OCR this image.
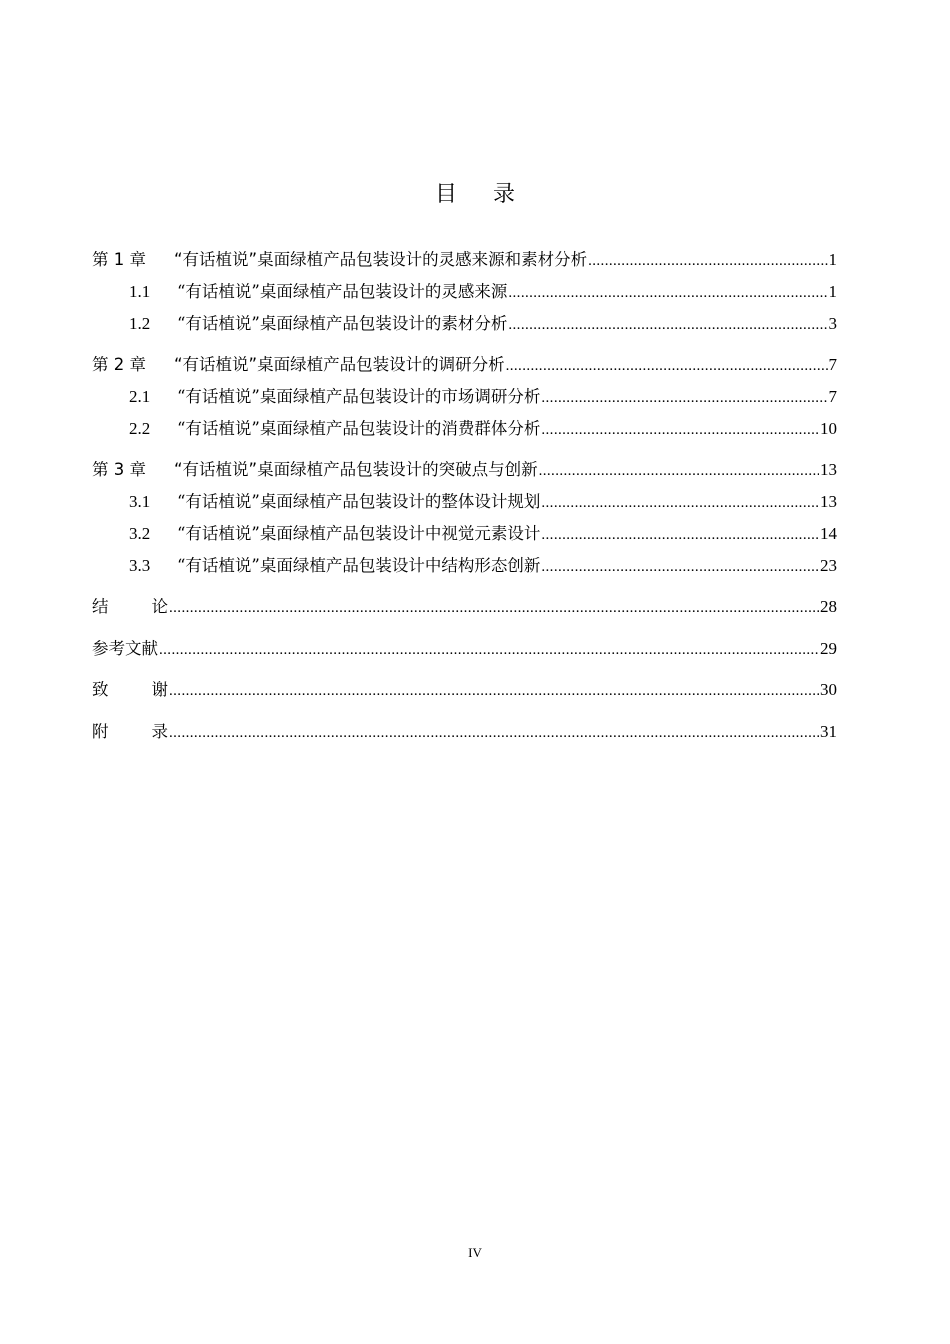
目录
第 1 章	“有话植说”桌面绿植产品包装设计的灵感来源和素材分析 .....	1
1.1	“有话植说”桌面绿植产品包装设计的灵感来源 .....	1
1.2	“有话植说”桌面绿植产品包装设计的素材分析 .....	3
第 2 章	“有话植说”桌面绿植产品包装设计的调研分析 .....	7
2.1	“有话植说”桌面绿植产品包装设计的市场调研分析 .....	7
2.2	“有话植说”桌面绿植产品包装设计的消费群体分析 .....	10
第 3 章	“有话植说”桌面绿植产品包装设计的突破点与创新 .....	13
3.1	“有话植说”桌面绿植产品包装设计的整体设计规划 .....	13
3.2	“有话植说”桌面绿植产品包装设计中视觉元素设计 .....	14
3.3	“有话植说”桌面绿植产品包装设计中结构形态创新 .....	23
结	论 .....	28
参考文献 .....	29
致	谢 .....	30
附	录 .....	31
IV
